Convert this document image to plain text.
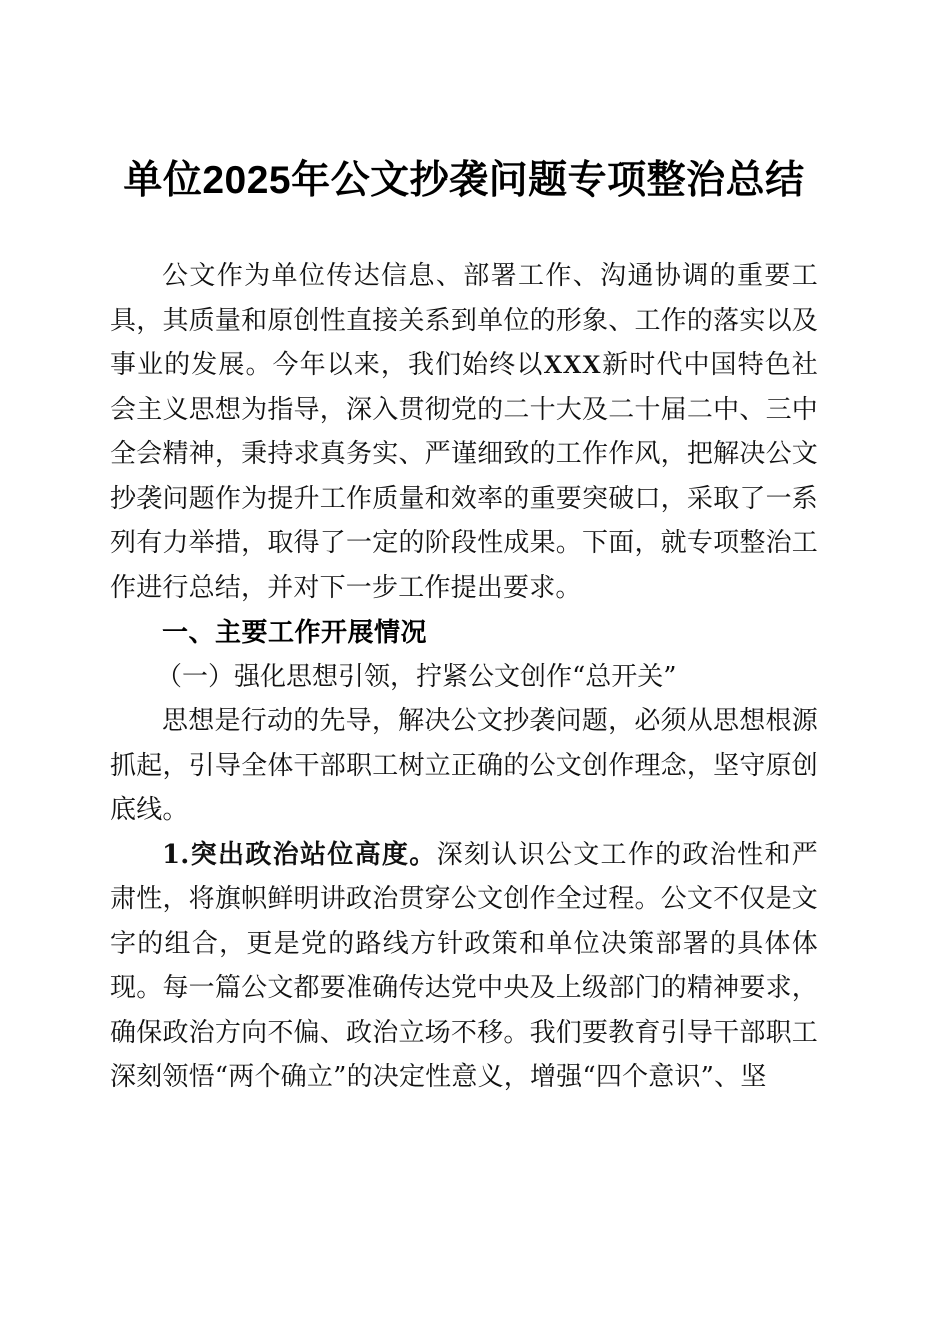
单位2025年公文抄袭问题专项整治总结

公文作为单位传达信息、部署工作、沟通协调的重要工具，其质量和原创性直接关系到单位的形象、工作的落实以及事业的发展。今年以来，我们始终以XXX新时代中国特色社会主义思想为指导，深入贯彻党的二十大及二十届二中、三中全会精神，秉持求真务实、严谨细致的工作作风，把解决公文抄袭问题作为提升工作质量和效率的重要突破口，采取了一系列有力举措，取得了一定的阶段性成果。下面，就专项整治工作进行总结，并对下一步工作提出要求。

一、主要工作开展情况

（一）强化思想引领，拧紧公文创作“总开关”

思想是行动的先导，解决公文抄袭问题，必须从思想根源抓起，引导全体干部职工树立正确的公文创作理念，坚守原创底线。

1.突出政治站位高度。深刻认识公文工作的政治性和严肃性，将旗帜鲜明讲政治贯穿公文创作全过程。公文不仅是文字的组合，更是党的路线方针政策和单位决策部署的具体体现。每一篇公文都要准确传达党中央及上级部门的精神要求，确保政治方向不偏、政治立场不移。我们要教育引导干部职工深刻领悟“两个确立”的决定性意义，增强“四个意识”、坚
